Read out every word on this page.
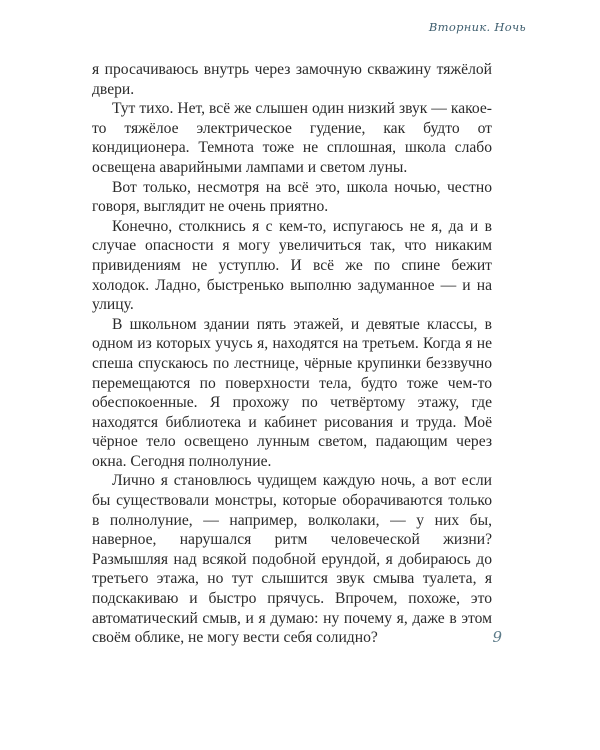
Вторник. Ночь

я просачиваюсь внутрь через замочную скважину тяжёлой двери.

Тут тихо. Нет, всё же слышен один низкий звук — какое-то тяжёлое электрическое гудение, как будто от кондиционера. Темнота тоже не сплошная, школа слабо освещена аварийными лампами и светом луны.

Вот только, несмотря на всё это, школа ночью, честно говоря, выглядит не очень приятно.

Конечно, столкнись я с кем-то, испугаюсь не я, да и в случае опасности я могу увеличиться так, что никаким привидениям не уступлю. И всё же по спине бежит холодок. Ладно, быстренько выполню задуманное — и на улицу.

В школьном здании пять этажей, и девятые классы, в одном из которых учусь я, находятся на третьем. Когда я не спеша спускаюсь по лестнице, чёрные крупинки беззвучно перемещаются по поверхности тела, будто тоже чем-то обеспокоенные. Я прохожу по четвёртому этажу, где находятся библиотека и кабинет рисования и труда. Моё чёрное тело освещено лунным светом, падающим через окна. Сегодня полнолуние.

Лично я становлюсь чудищем каждую ночь, а вот если бы существовали монстры, которые оборачиваются только в полнолуние, — например, волколаки, — у них бы, наверное, нарушался ритм человеческой жизни? Размышляя над всякой подобной ерундой, я добираюсь до третьего этажа, но тут слышится звук смыва туалета, я подскакиваю и быстро прячусь. Впрочем, похоже, это автоматический смыв, и я думаю: ну почему я, даже в этом своём облике, не могу вести себя солидно?	9
